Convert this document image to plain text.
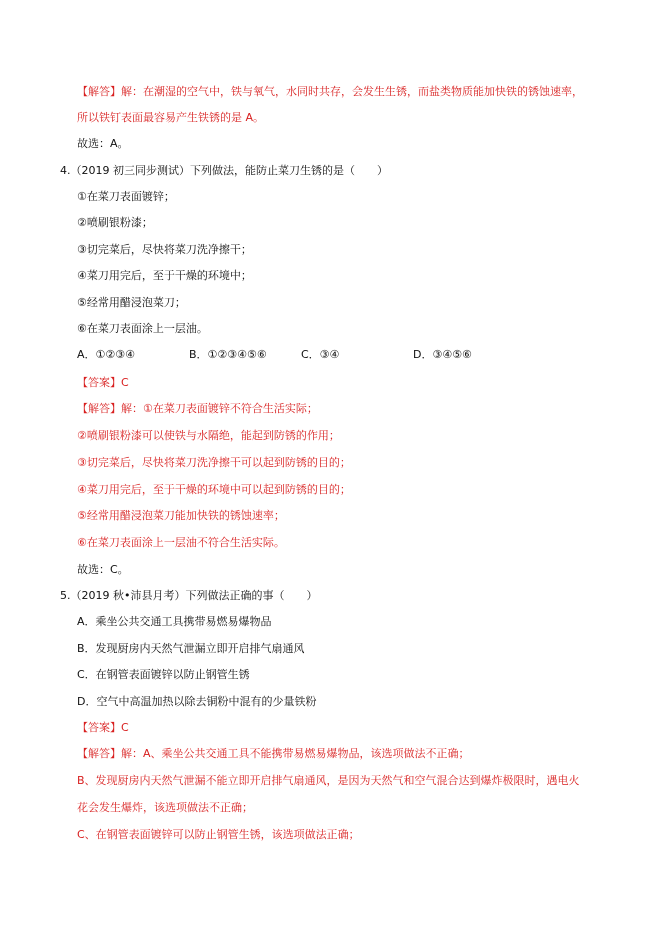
【解答】解：在潮湿的空气中，铁与氧气，水同时共存，会发生生锈，而盐类物质能加快铁的锈蚀速率，
所以铁钉表面最容易产生铁锈的是 A。
故选：A。
4.（2019 初三同步测试）下列做法，能防止菜刀生锈的是（　　）
①在菜刀表面镀锌；
②喷刷银粉漆；
③切完菜后，尽快将菜刀洗净擦干；
④菜刀用完后，至于干燥的环境中；
⑤经常用醋浸泡菜刀；
⑥在菜刀表面涂上一层油。
A．①②③④	B．①②③④⑤⑥	C．③④	D．③④⑤⑥
【答案】C
【解答】解：①在菜刀表面镀锌不符合生活实际；
②喷刷银粉漆可以使铁与水隔绝，能起到防锈的作用；
③切完菜后，尽快将菜刀洗净擦干可以起到防锈的目的；
④菜刀用完后，至于干燥的环境中可以起到防锈的目的；
⑤经常用醋浸泡菜刀能加快铁的锈蚀速率；
⑥在菜刀表面涂上一层油不符合生活实际。
故选：C。
5.（2019 秋•沛县月考）下列做法正确的事（　　）
A．乘坐公共交通工具携带易燃易爆物品
B．发现厨房内天然气泄漏立即开启排气扇通风
C．在钢管表面镀锌以防止钢管生锈
D．空气中高温加热以除去铜粉中混有的少量铁粉
【答案】C
【解答】解：A、乘坐公共交通工具不能携带易燃易爆物品，该选项做法不正确；
B、发现厨房内天然气泄漏不能立即开启排气扇通风，是因为天然气和空气混合达到爆炸极限时，遇电火
花会发生爆炸，该选项做法不正确；
C、在钢管表面镀锌可以防止钢管生锈，该选项做法正确；
